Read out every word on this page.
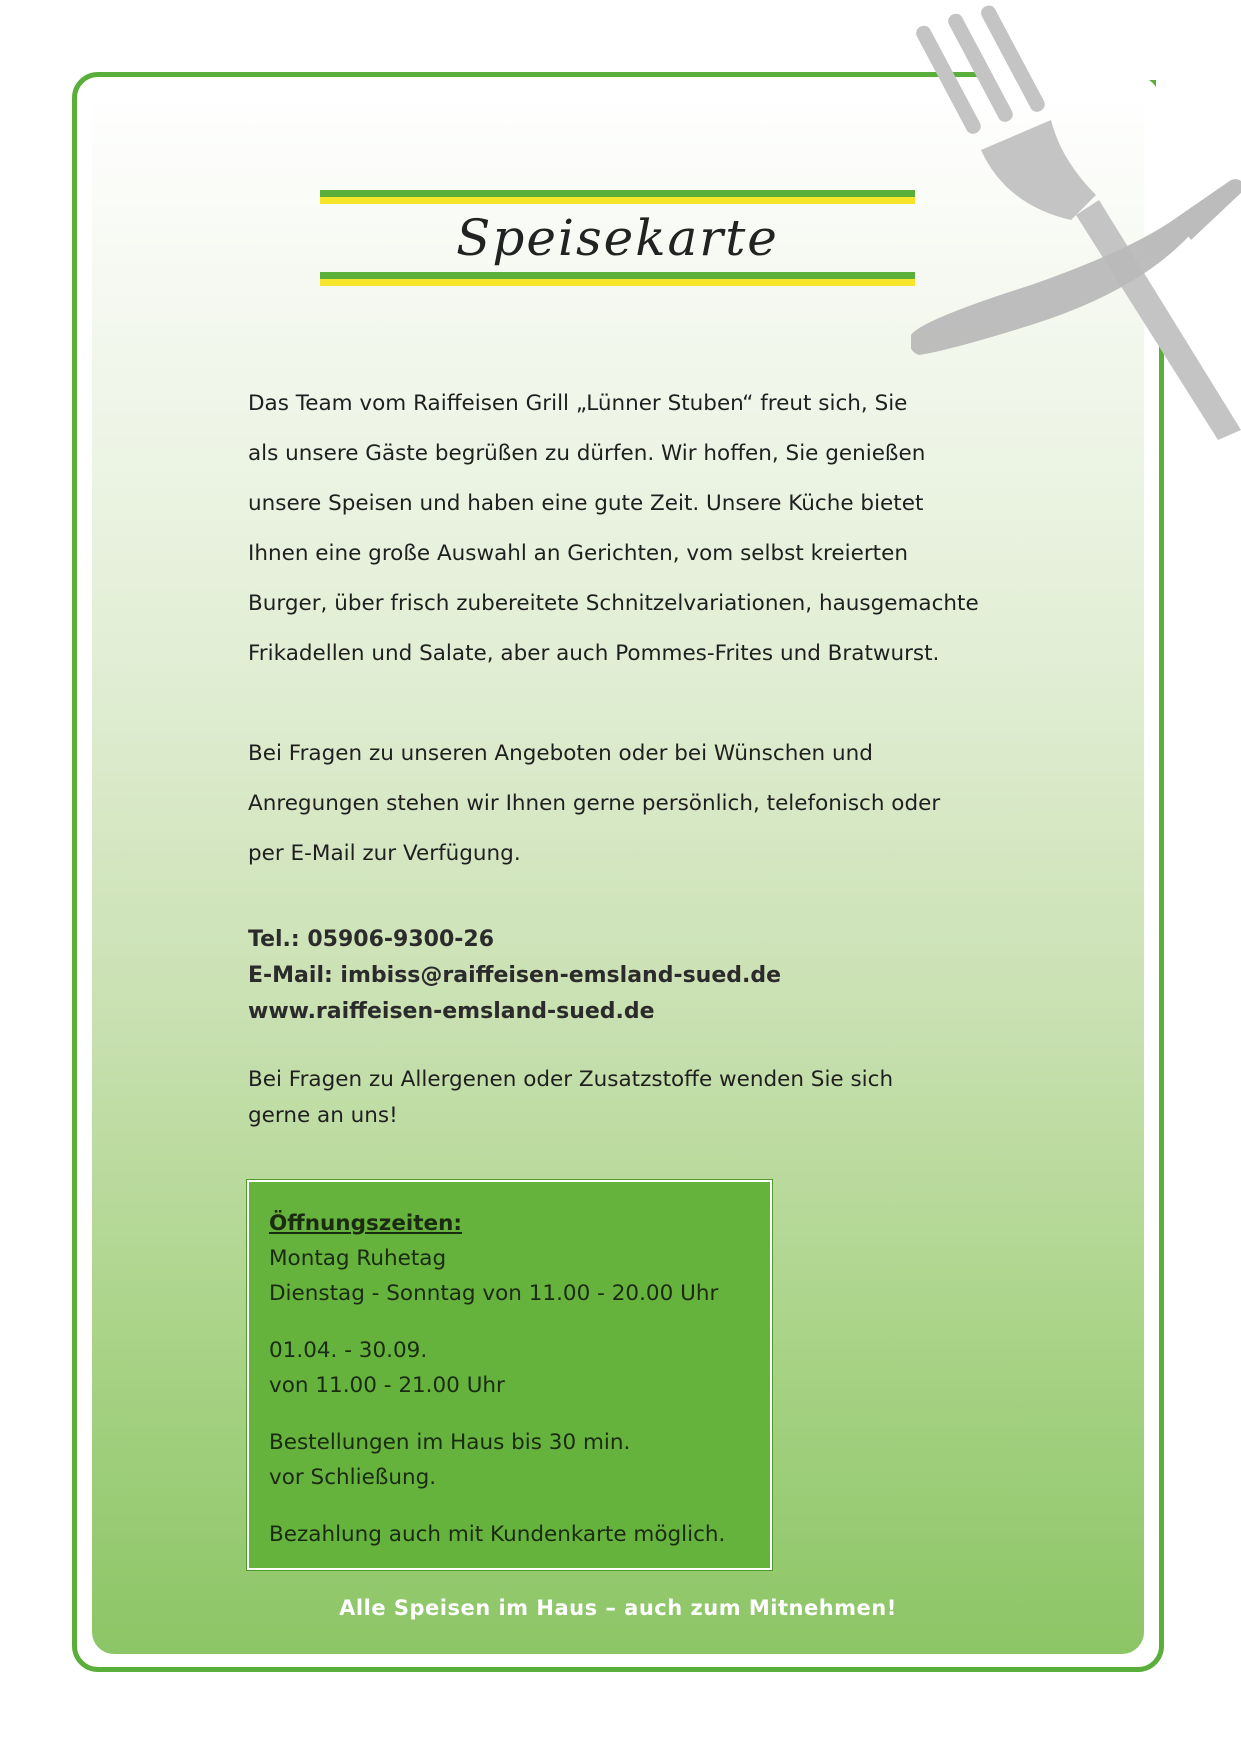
Speisekarte

Das Team vom Raiffeisen Grill „Lünner Stuben“ freut sich, Sie

als unsere Gäste begrüßen zu dürfen. Wir hoffen, Sie genießen

unsere Speisen und haben eine gute Zeit. Unsere Küche bietet

Ihnen eine große Auswahl an Gerichten, vom selbst kreierten

Burger, über frisch zubereitete Schnitzelvariationen, hausgemachte

Frikadellen und Salate, aber auch Pommes-Frites und Bratwurst.

Bei Fragen zu unseren Angeboten oder bei Wünschen und

Anregungen stehen wir Ihnen gerne persönlich, telefonisch oder

per E-Mail zur Verfügung.

Tel.: 05906-9300-26
E-Mail: imbiss@raiffeisen-emsland-sued.de
www.raiffeisen-emsland-sued.de
Bei Fragen zu Allergenen oder Zusatzstoffe wenden Sie sich
gerne an uns!
Öffnungszeiten:
Montag Ruhetag
Dienstag - Sonntag von 11.00 - 20.00 Uhr
01.04. - 30.09.
von 11.00 - 21.00 Uhr
Bestellungen im Haus bis 30 min.
vor Schließung.
Bezahlung auch mit Kundenkarte möglich.
Alle Speisen im Haus – auch zum Mitnehmen!
